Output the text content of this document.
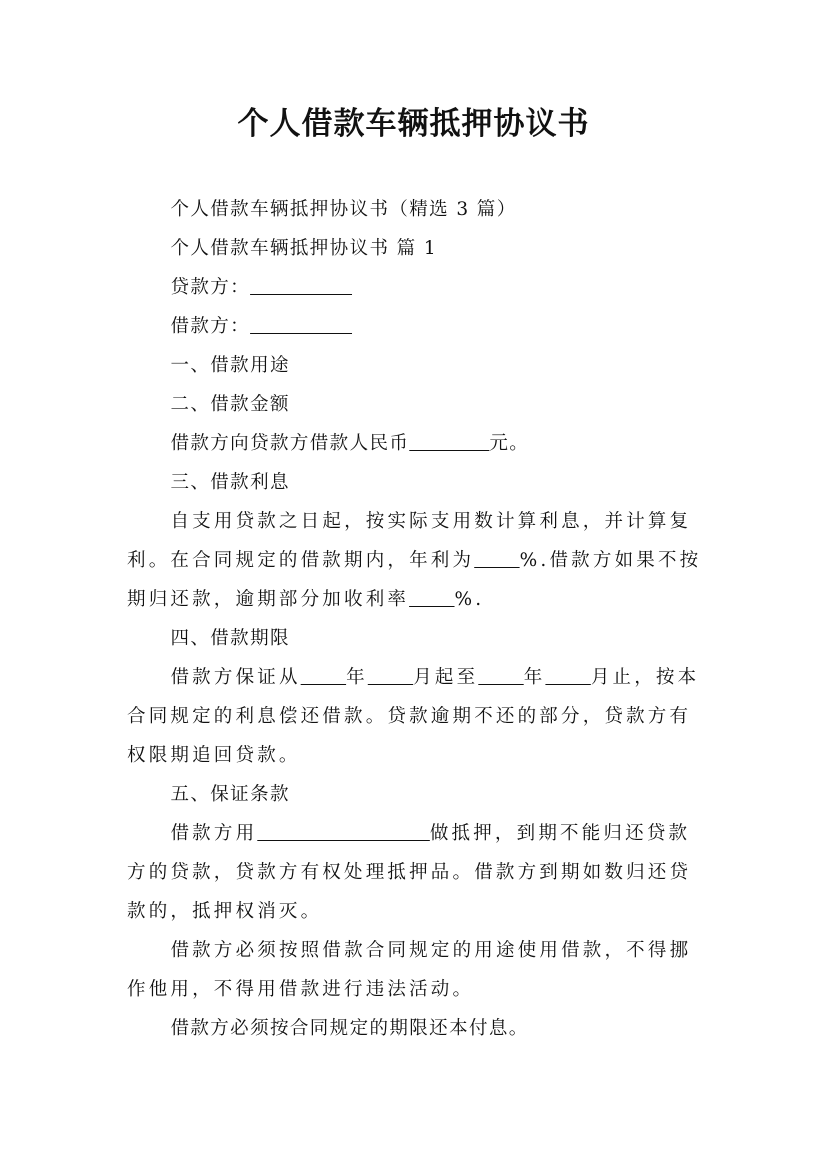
个人借款车辆抵押协议书

个人借款车辆抵押协议书（精选 3 篇）

个人借款车辆抵押协议书 篇 1

贷款方：

借款方：

一、借款用途

二、借款金额

借款方向贷款方借款人民币	元。

三、借款利息

自支用贷款之日起，按实际支用数计算利息，并计算复利。在合同规定的借款期内，年利为 %.借款方如果不按期归还款，逾期部分加收利率 %.

四、借款期限

借款方保证从 年 月起至 年 月止，按本合同规定的利息偿还借款。贷款逾期不还的部分，贷款方有权限期追回贷款。

五、保证条款

借款方用	做抵押，到期不能归还贷款方的贷款，贷款方有权处理抵押品。借款方到期如数归还贷款的，抵押权消灭。

借款方必须按照借款合同规定的用途使用借款，不得挪作他用，不得用借款进行违法活动。

借款方必须按合同规定的期限还本付息。
